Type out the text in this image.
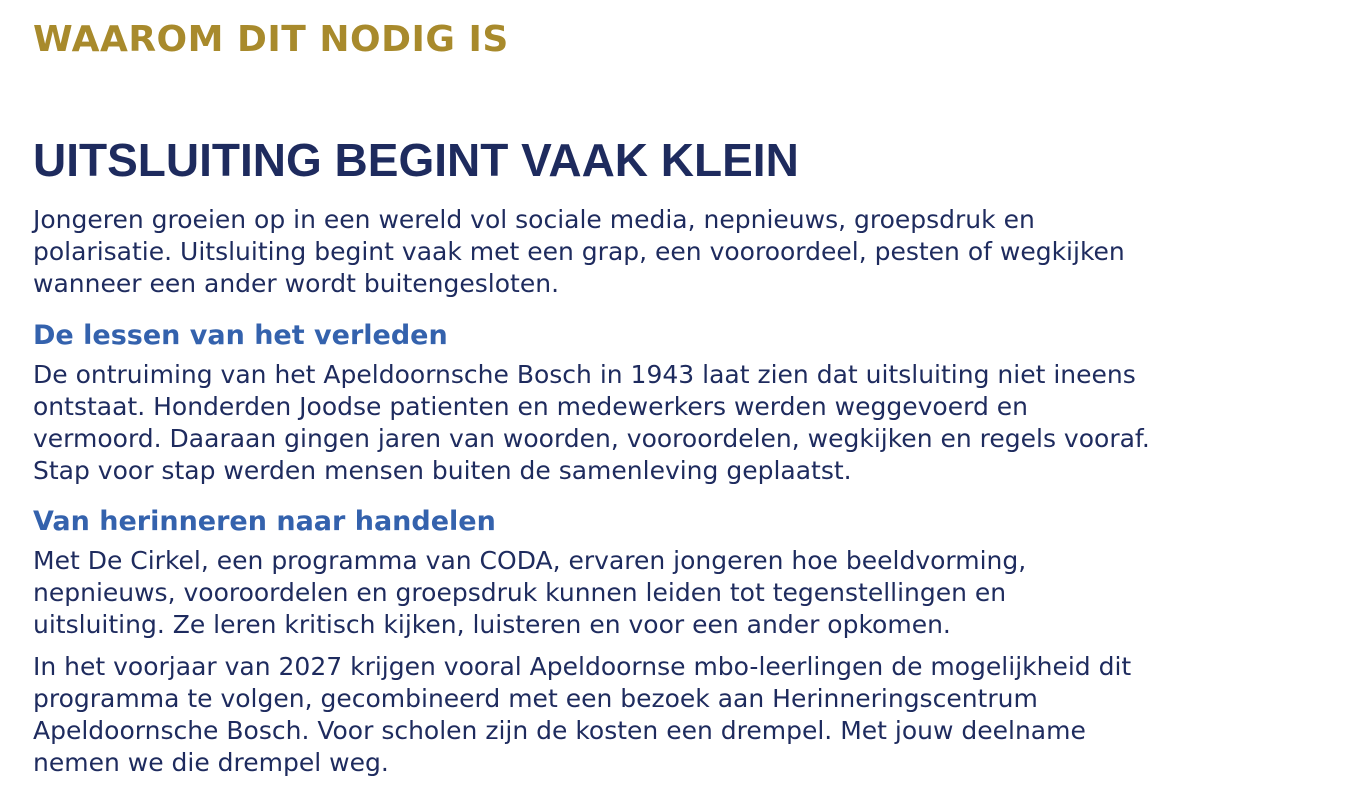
WAAROM DIT NODIG IS
UITSLUITING BEGINT VAAK KLEIN

Jongeren groeien op in een wereld vol sociale media, nepnieuws, groepsdruk en
polarisatie. Uitsluiting begint vaak met een grap, een vooroordeel, pesten of wegkijken
wanneer een ander wordt buitengesloten.

De lessen van het verleden

De ontruiming van het Apeldoornsche Bosch in 1943 laat zien dat uitsluiting niet ineens
ontstaat. Honderden Joodse patienten en medewerkers werden weggevoerd en
vermoord. Daaraan gingen jaren van woorden, vooroordelen, wegkijken en regels vooraf.
Stap voor stap werden mensen buiten de samenleving geplaatst.

Van herinneren naar handelen

Met De Cirkel, een programma van CODA, ervaren jongeren hoe beeldvorming,
nepnieuws, vooroordelen en groepsdruk kunnen leiden tot tegenstellingen en
uitsluiting. Ze leren kritisch kijken, luisteren en voor een ander opkomen.

In het voorjaar van 2027 krijgen vooral Apeldoornse mbo-leerlingen de mogelijkheid dit
programma te volgen, gecombineerd met een bezoek aan Herinneringscentrum
Apeldoornsche Bosch. Voor scholen zijn de kosten een drempel. Met jouw deelname
nemen we die drempel weg.
